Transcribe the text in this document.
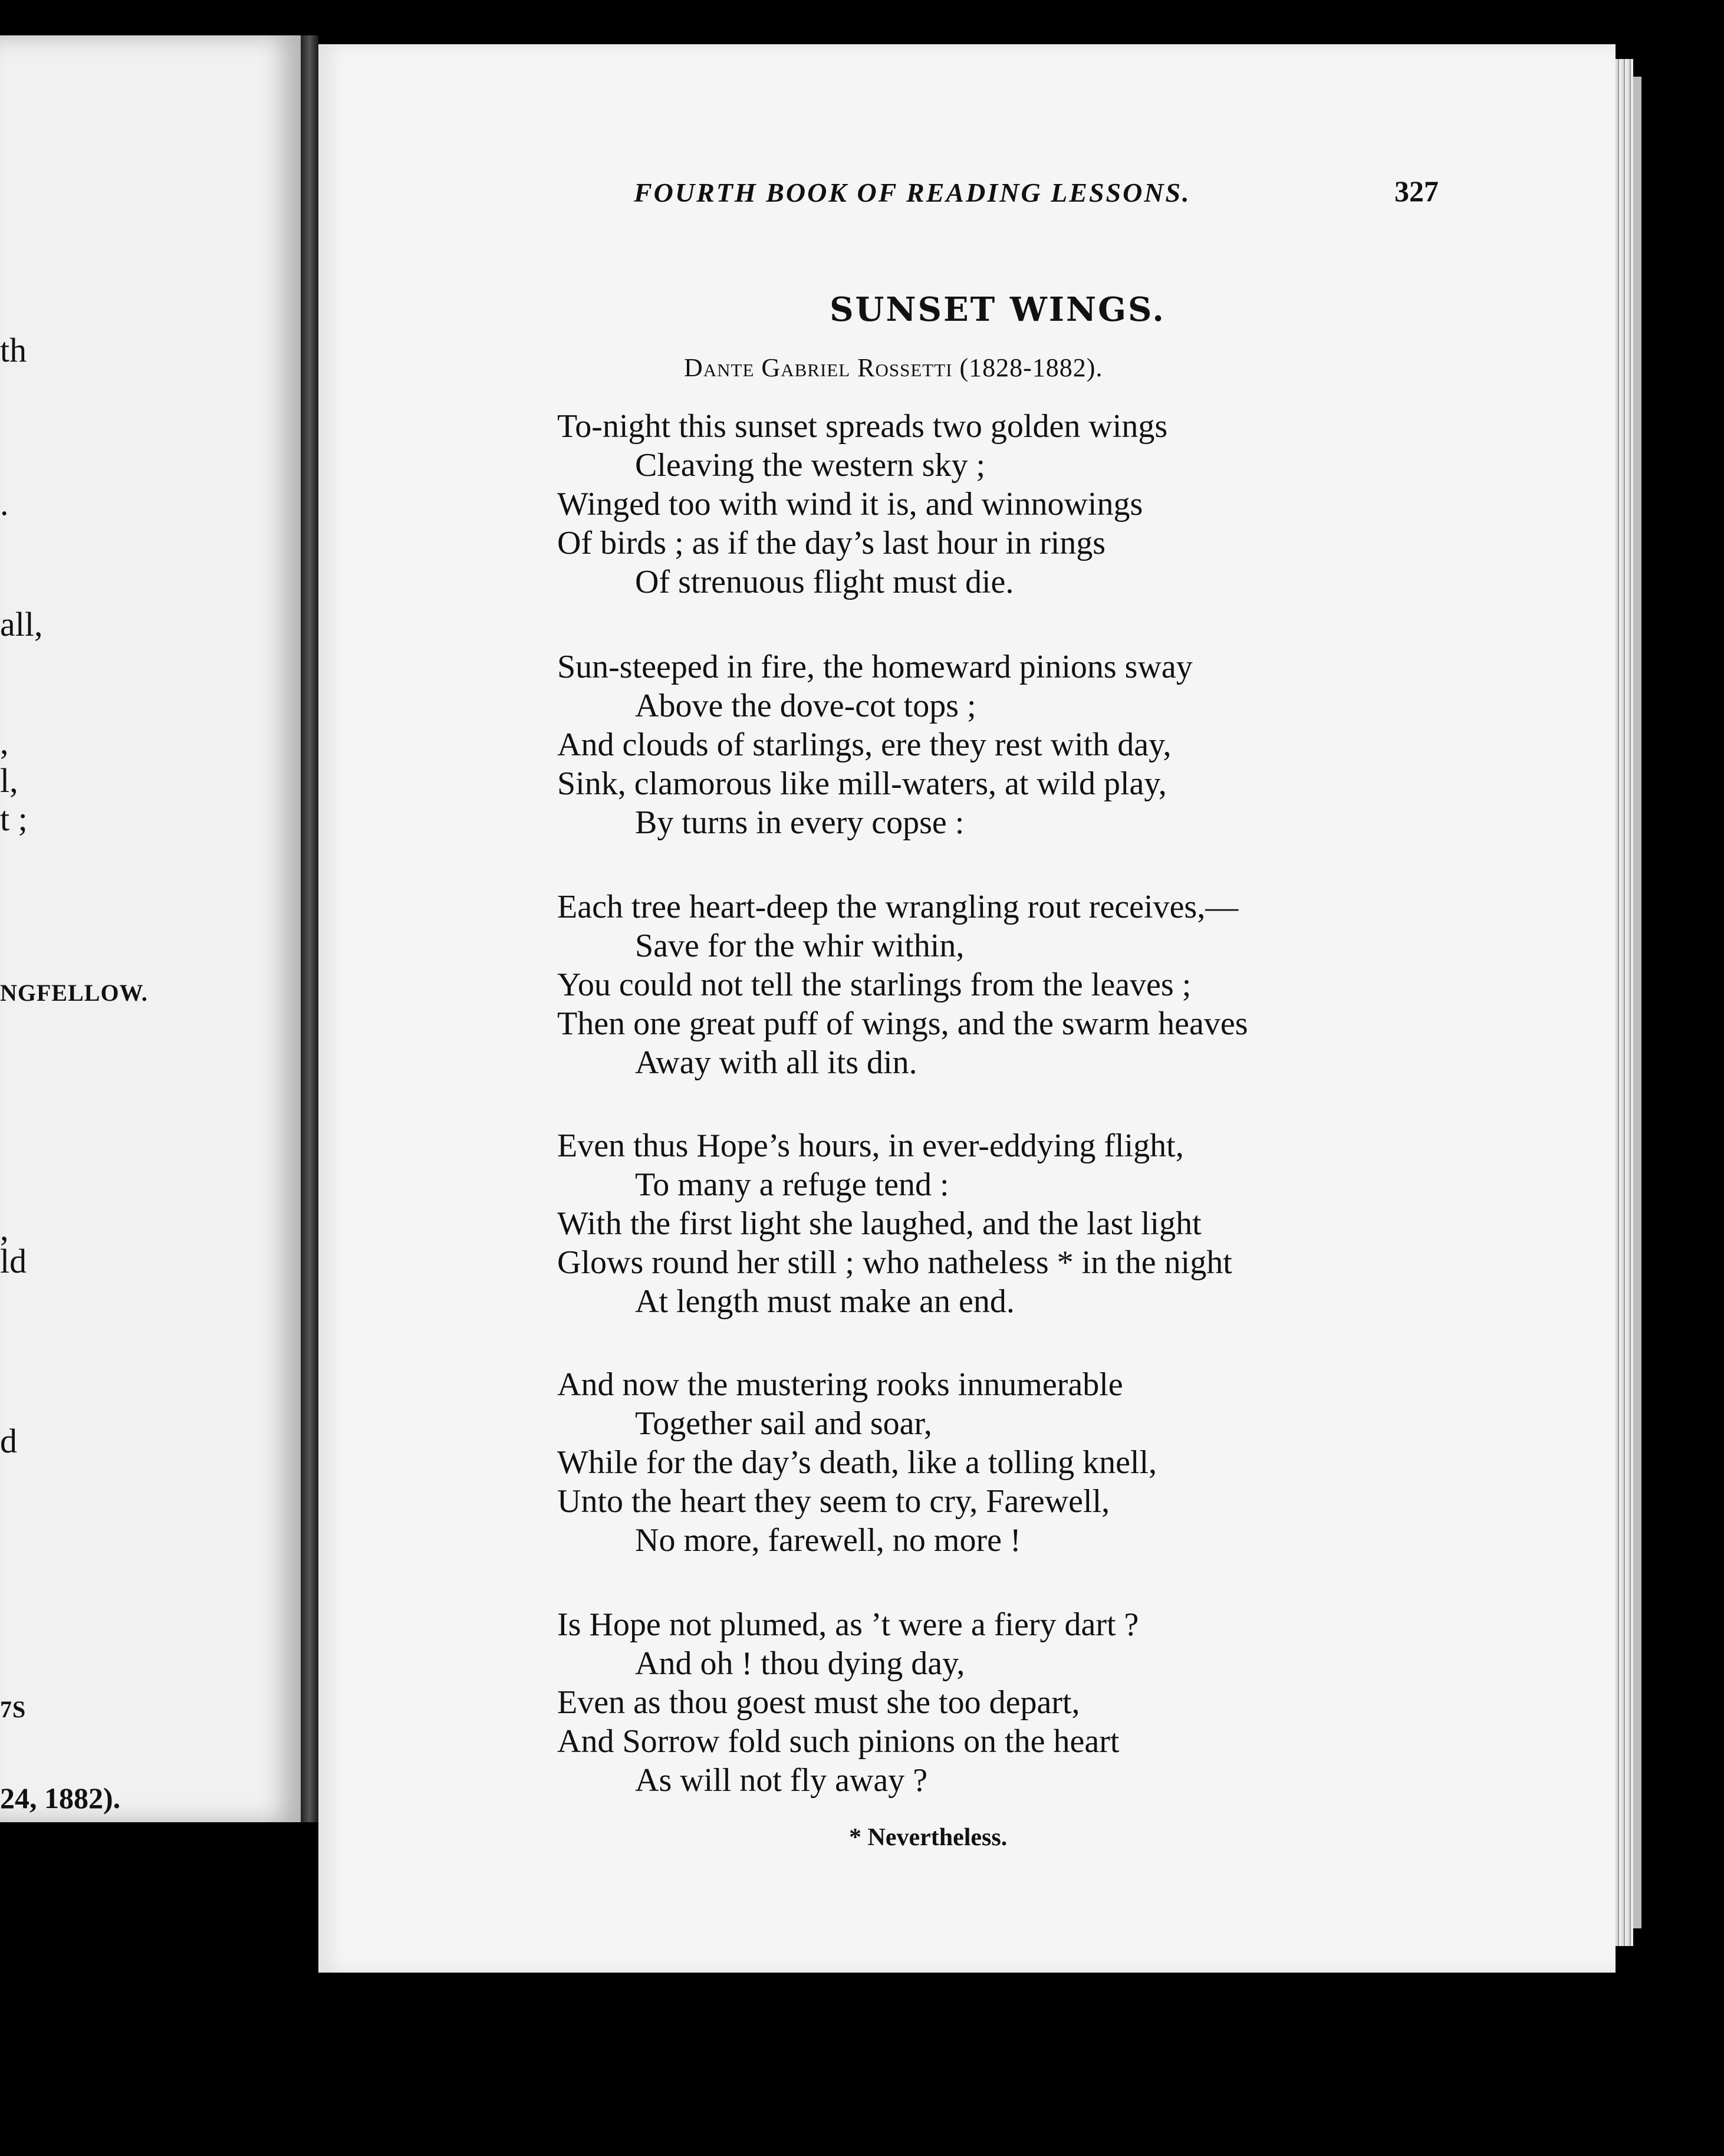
th
.
all,
,
l,
t ;
NGFELLOW.
,
ld
d
7S
24, 1882).
FOURTH BOOK OF READING LESSONS.	327
SUNSET WINGS.
Dante Gabriel Rossetti (1828-1882).
To-night this sunset spreads two golden wings
Cleaving the western sky ;
Winged too with wind it is, and winnowings
Of birds ; as if the day’s last hour in rings
Of strenuous flight must die.
Sun-steeped in fire, the homeward pinions sway
Above the dove-cot tops ;
And clouds of starlings, ere they rest with day,
Sink, clamorous like mill-waters, at wild play,
By turns in every copse :
Each tree heart-deep the wrangling rout receives,—
Save for the whir within,
You could not tell the starlings from the leaves ;
Then one great puff of wings, and the swarm heaves
Away with all its din.
Even thus Hope’s hours, in ever-eddying flight,
To many a refuge tend :
With the first light she laughed, and the last light
Glows round her still ; who natheless * in the night
At length must make an end.
And now the mustering rooks innumerable
Together sail and soar,
While for the day’s death, like a tolling knell,
Unto the heart they seem to cry, Farewell,
No more, farewell, no more !
Is Hope not plumed, as ’t were a fiery dart ?
And oh ! thou dying day,
Even as thou goest must she too depart,
And Sorrow fold such pinions on the heart
As will not fly away ?
* Nevertheless.
